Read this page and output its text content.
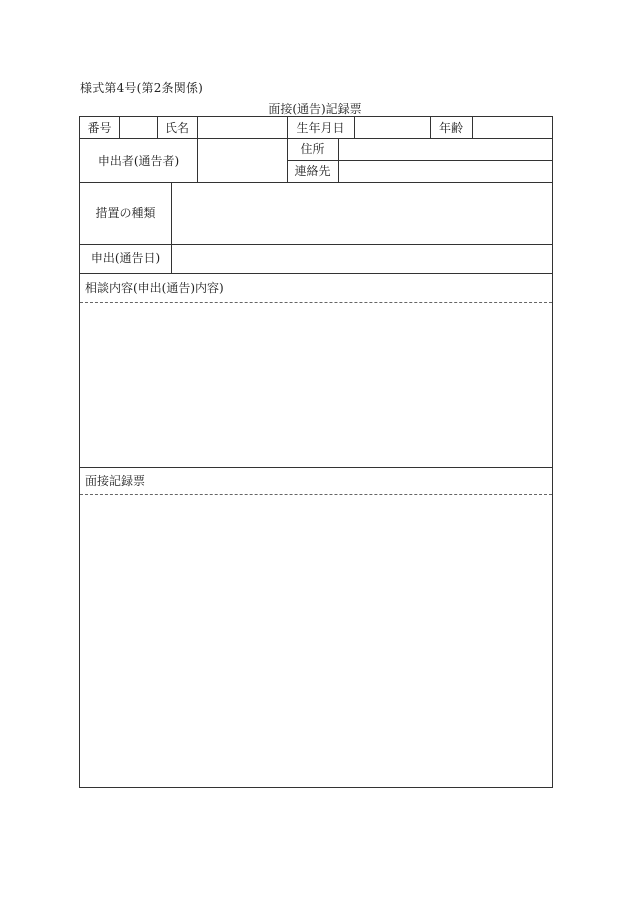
様式第4号(第2条関係)
面接(通告)記録票
番号	氏名	生年月日	年齢
申出者(通告者)
住所
連絡先
措置の種類
申出(通告日)
相談内容(申出(通告)内容)
面接記録票
